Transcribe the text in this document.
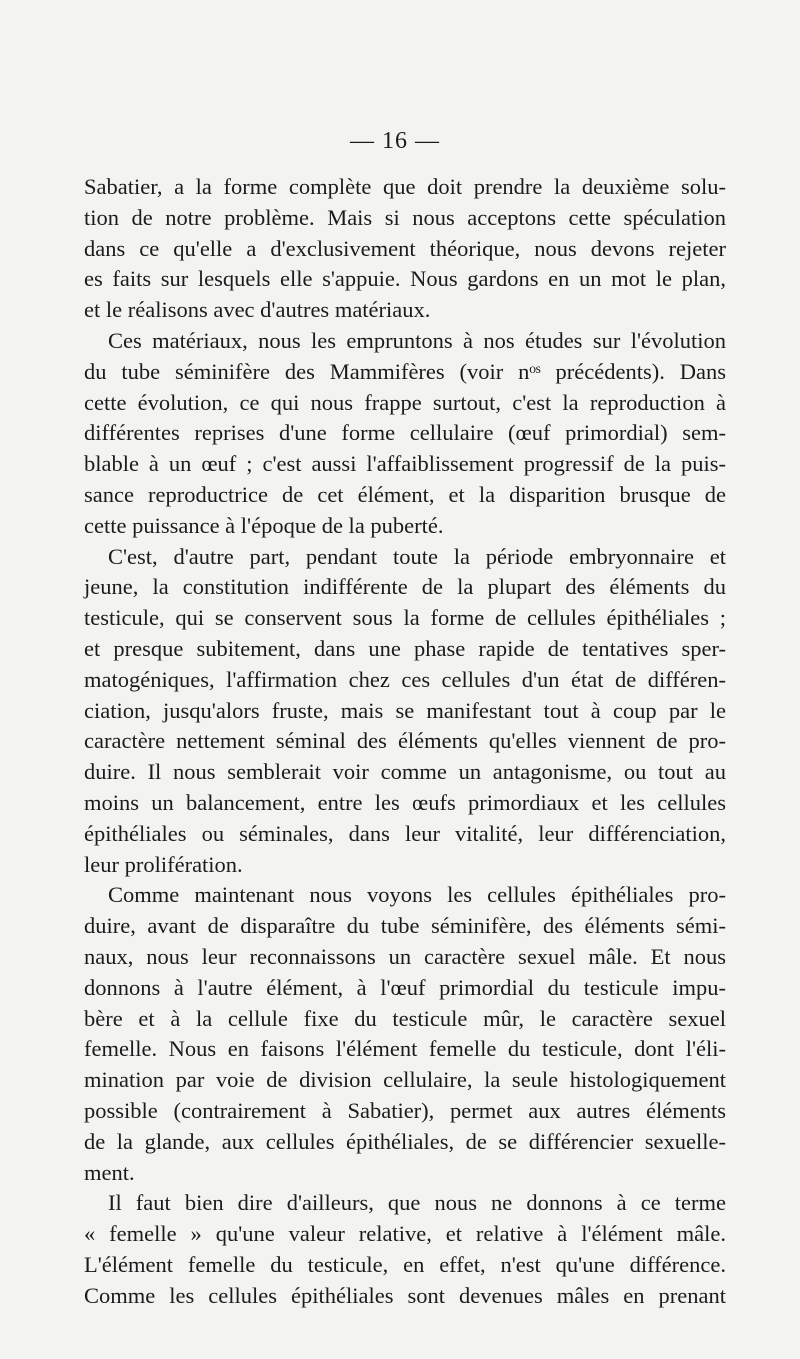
— 16 —
Sabatier, a la forme complète que doit prendre la deuxième solu-
tion de notre problème. Mais si nous acceptons cette spéculation
dans ce qu'elle a d'exclusivement théorique, nous devons rejeter
es faits sur lesquels elle s'appuie. Nous gardons en un mot le plan,
et le réalisons avec d'autres matériaux.
Ces matériaux, nous les empruntons à nos études sur l'évolution
du tube séminifère des Mammifères (voir nᵒˢ précédents). Dans
cette évolution, ce qui nous frappe surtout, c'est la reproduction à
différentes reprises d'une forme cellulaire (œuf primordial) sem-
blable à un œuf ; c'est aussi l'affaiblissement progressif de la puis-
sance reproductrice de cet élément, et la disparition brusque de
cette puissance à l'époque de la puberté.
C'est, d'autre part, pendant toute la période embryonnaire et
jeune, la constitution indifférente de la plupart des éléments du
testicule, qui se conservent sous la forme de cellules épithéliales ;
et presque subitement, dans une phase rapide de tentatives sper-
matogéniques, l'affirmation chez ces cellules d'un état de différen-
ciation, jusqu'alors fruste, mais se manifestant tout à coup par le
caractère nettement séminal des éléments qu'elles viennent de pro-
duire. Il nous semblerait voir comme un antagonisme, ou tout au
moins un balancement, entre les œufs primordiaux et les cellules
épithéliales ou séminales, dans leur vitalité, leur différenciation,
leur prolifération.
Comme maintenant nous voyons les cellules épithéliales pro-
duire, avant de disparaître du tube séminifère, des éléments sémi-
naux, nous leur reconnaissons un caractère sexuel mâle. Et nous
donnons à l'autre élément, à l'œuf primordial du testicule impu-
bère et à la cellule fixe du testicule mûr, le caractère sexuel
femelle. Nous en faisons l'élément femelle du testicule, dont l'éli-
mination par voie de division cellulaire, la seule histologiquement
possible (contrairement à Sabatier), permet aux autres éléments
de la glande, aux cellules épithéliales, de se différencier sexuelle-
ment.
Il faut bien dire d'ailleurs, que nous ne donnons à ce terme
« femelle » qu'une valeur relative, et relative à l'élément mâle.
L'élément femelle du testicule, en effet, n'est qu'une différence.
Comme les cellules épithéliales sont devenues mâles en prenant
